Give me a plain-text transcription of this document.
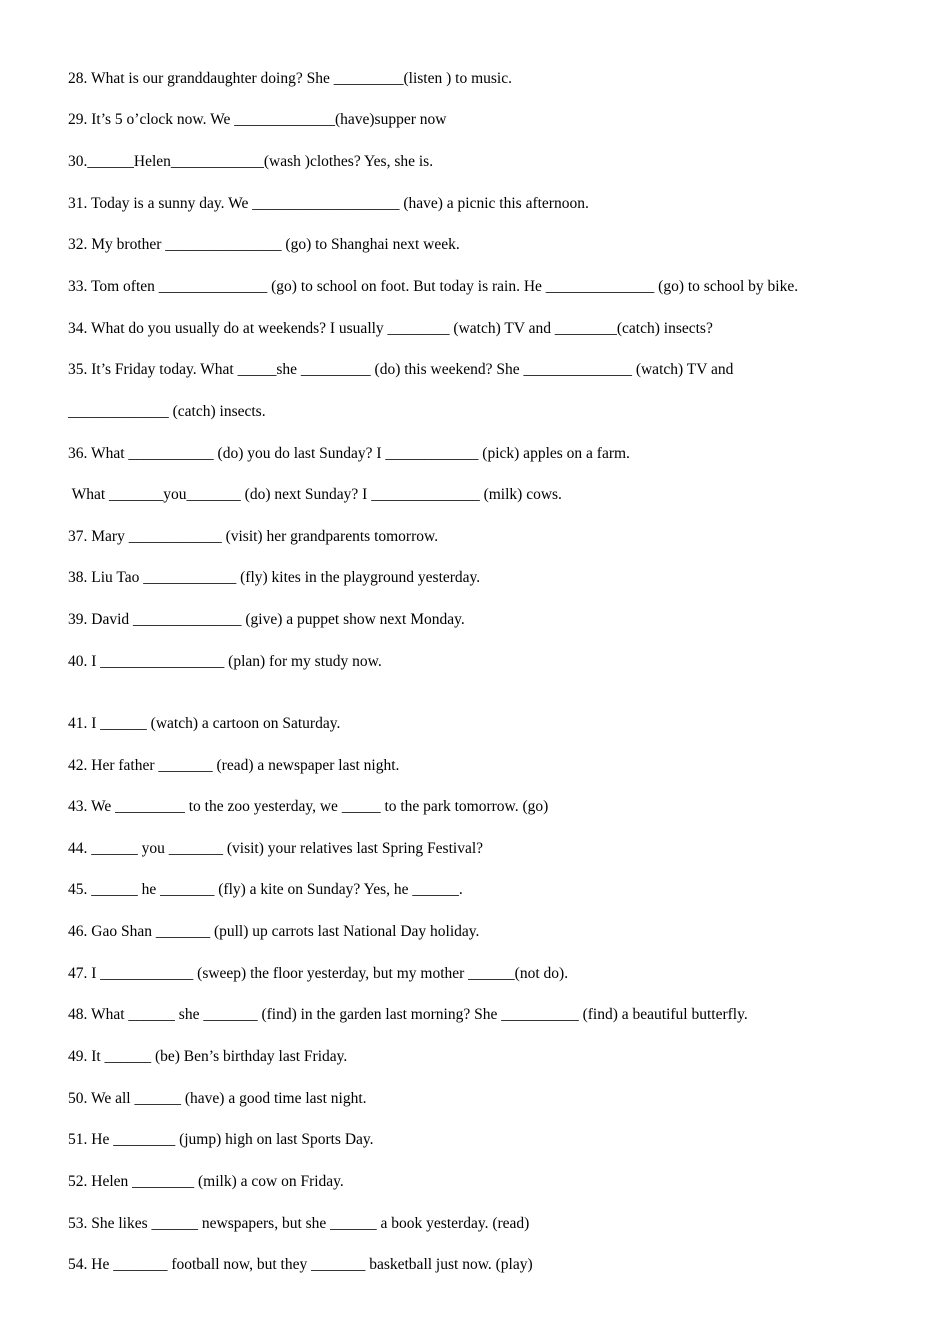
28. What is our granddaughter doing? She _________(listen ) to music.
29. It’s 5 o’clock now. We _____________(have)supper now
30.______Helen____________(wash )clothes? Yes, she is.
31. Today is a sunny day. We ___________________ (have) a picnic this afternoon.
32. My brother _______________ (go) to Shanghai next week.
33. Tom often ______________ (go) to school on foot. But today is rain. He ______________ (go) to school by bike.
34. What do you usually do at weekends? I usually ________ (watch) TV and ________(catch) insects?
35. It’s Friday today. What _____she _________ (do) this weekend? She ______________ (watch) TV and
_____________ (catch) insects.
36. What ___________ (do) you do last Sunday? I ____________ (pick) apples on a farm.
What _______you_______ (do) next Sunday? I ______________ (milk) cows.
37. Mary ____________ (visit) her grandparents tomorrow.
38. Liu Tao ____________ (fly) kites in the playground yesterday.
39. David ______________ (give) a puppet show next Monday.
40. I ________________ (plan) for my study now.
41. I ______ (watch) a cartoon on Saturday.
42. Her father _______ (read) a newspaper last night.
43. We _________ to the zoo yesterday, we _____ to the park tomorrow. (go)
44. ______ you _______ (visit) your relatives last Spring Festival?
45. ______ he _______ (fly) a kite on Sunday? Yes, he ______.
46. Gao Shan _______ (pull) up carrots last National Day holiday.
47. I ____________ (sweep) the floor yesterday, but my mother ______(not do).
48. What ______ she _______ (find) in the garden last morning? She __________ (find) a beautiful butterfly.
49. It ______ (be) Ben’s birthday last Friday.
50. We all ______ (have) a good time last night.
51. He ________ (jump) high on last Sports Day.
52. Helen ________ (milk) a cow on Friday.
53. She likes ______ newspapers, but she ______ a book yesterday. (read)
54. He _______ football now, but they _______ basketball just now. (play)
